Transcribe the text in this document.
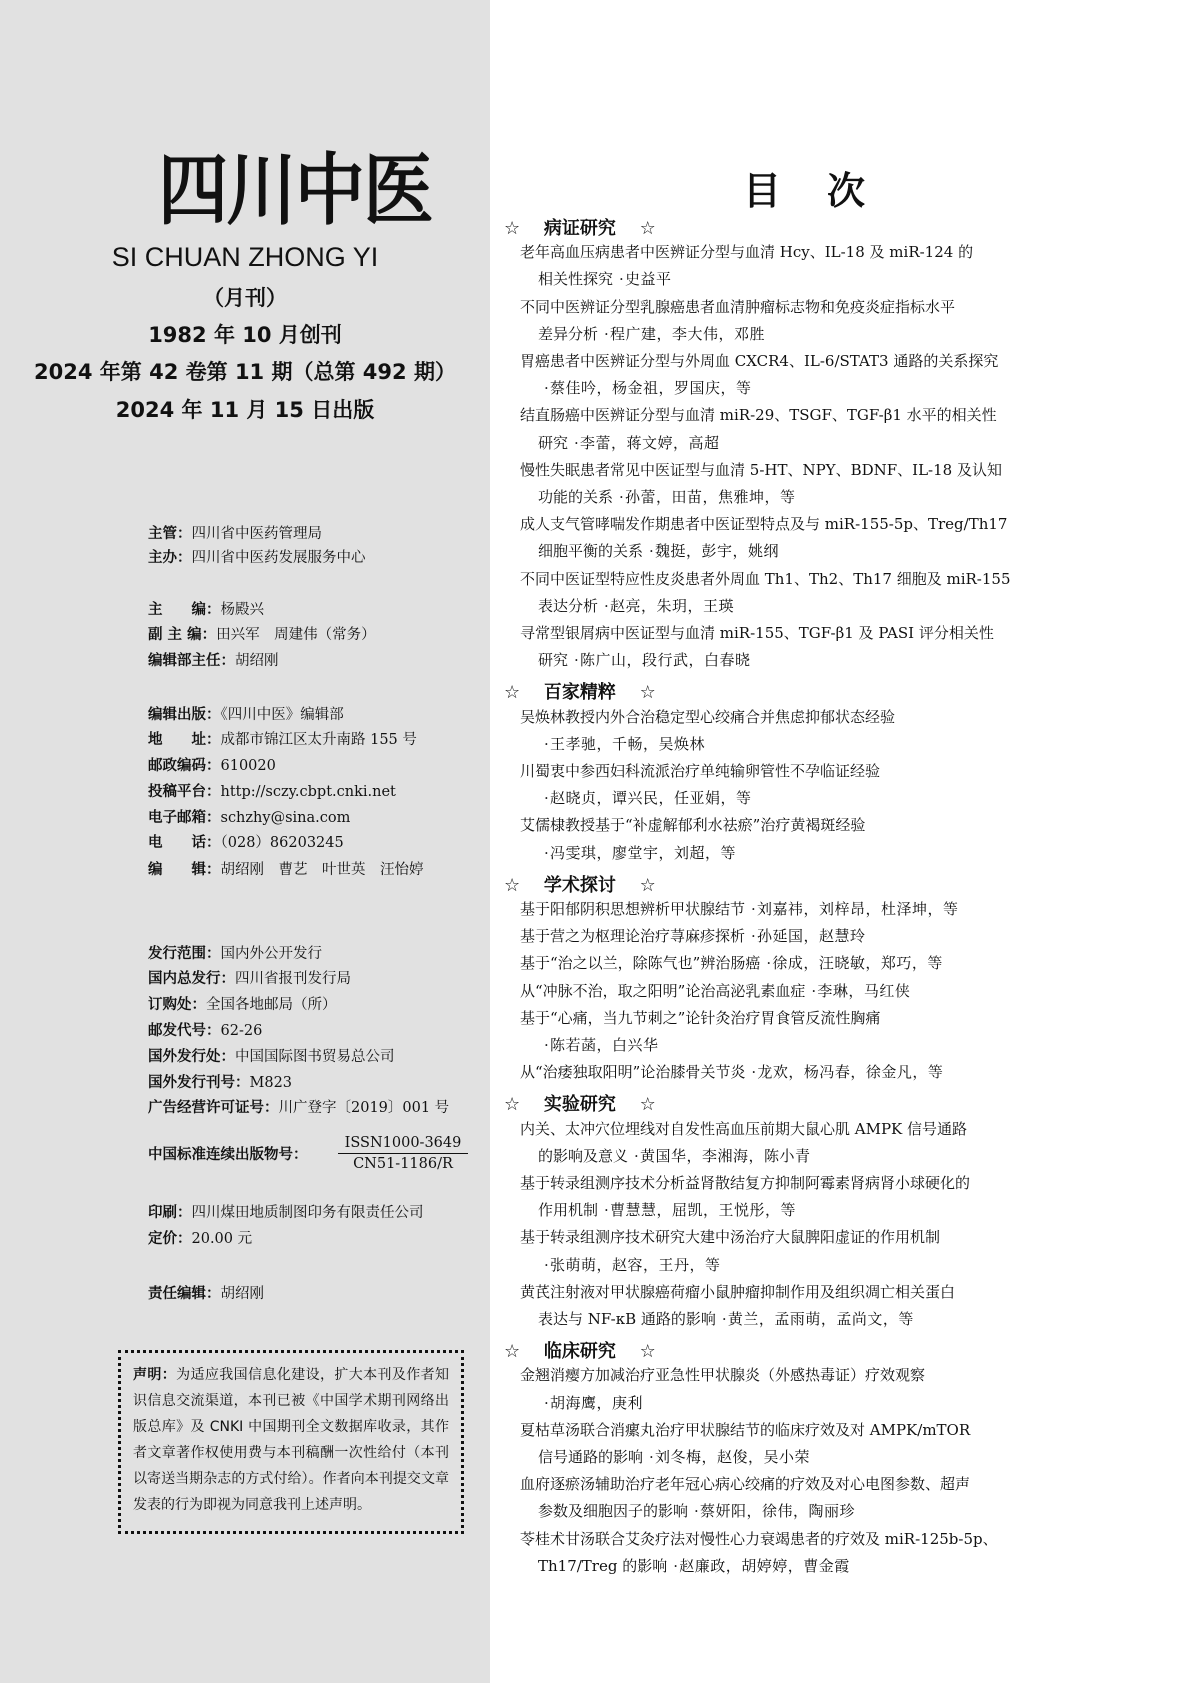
四川中医
SI CHUAN ZHONG YI
（月刊）
1982 年 10 月创刊
2024 年第 42 卷第 11 期（总第 492 期）
2024 年 11 月 15 日出版
主管：四川省中医药管理局
主办：四川省中医药发展服务中心
主　　编：杨殿兴
副 主 编：田兴军　周建伟（常务）
编辑部主任：胡绍刚
编辑出版：《四川中医》编辑部
地　　址：成都市锦江区太升南路 155 号
邮政编码：610020
投稿平台：http://sczy.cbpt.cnki.net
电子邮箱：schzhy@sina.com
电　　话：（028）86203245
编　　辑：胡绍刚　曹艺　叶世英　汪怡婷
发行范围：国内外公开发行
国内总发行：四川省报刊发行局
订购处：全国各地邮局（所）
邮发代号：62-26
国外发行处：中国国际图书贸易总公司
国外发行刊号：M823
广告经营许可证号：川广登字〔2019〕001 号
印刷：四川煤田地质制图印务有限责任公司
定价：20.00 元
责任编辑：胡绍刚
中国标准连续出版物号：
ISSN1000-3649
CN51-1186/R
声明：为适应我国信息化建设，扩大本刊及作者知识信息交流渠道，本刊已被《中国学术期刊网络出版总库》及 CNKI 中国期刊全文数据库收录，其作者文章著作权使用费与本刊稿酬一次性给付（本刊以寄送当期杂志的方式付给）。作者向本刊提交文章发表的行为即视为同意我刊上述声明。
目次
☆ 　病证研究　 ☆
老年高血压病患者中医辨证分型与血清 Hcy、IL-18 及 miR-124 的
相关性探究 ····· 史益平
不同中医辨证分型乳腺癌患者血清肿瘤标志物和免疫炎症指标水平
差异分析 ····· 程广建，李大伟，邓胜
胃癌患者中医辨证分型与外周血 CXCR4、IL-6/STAT3 通路的关系探究
·····
蔡佳吟，杨金祖，罗国庆，等
结直肠癌中医辨证分型与血清 miR-29、TSGF、TGF-β1 水平的相关性
研究 ····· 李蕾，蒋文婷，高超
慢性失眠患者常见中医证型与血清 5-HT、NPY、BDNF、IL-18 及认知
功能的关系 ····· 孙蕾，田苗，焦雅坤，等
成人支气管哮喘发作期患者中医证型特点及与 miR-155-5p、Treg/Th17
细胞平衡的关系 ····· 魏挺，彭宇，姚纲
不同中医证型特应性皮炎患者外周血 Th1、Th2、Th17 细胞及 miR-155
表达分析 ····· 赵亮，朱玥，王瑛
寻常型银屑病中医证型与血清 miR-155、TGF-β1 及 PASI 评分相关性
研究 ····· 陈广山，段行武，白春晓
☆ 　百家精粹　 ☆
吴焕林教授内外合治稳定型心绞痛合并焦虑抑郁状态经验
·····
王孝驰，千畅，吴焕林
川蜀衷中参西妇科流派治疗单纯输卵管性不孕临证经验
·····
赵晓贞，谭兴民，任亚娟，等
艾儒棣教授基于“补虚解郁利水祛瘀”治疗黄褐斑经验
·····
冯雯琪，廖堂宇，刘超，等
☆ 　学术探讨　 ☆
基于阳郁阴积思想辨析甲状腺结节 ····· 刘嘉祎，刘梓昂，杜泽坤，等
基于营之为枢理论治疗荨麻疹探析 ····· 孙延国，赵慧玲
基于“治之以兰，除陈气也”辨治肠癌 ····· 徐成，汪晓敏，郑巧，等
从“冲脉不治，取之阳明”论治高泌乳素血症 ····· 李琳，马红侠
基于“心痛，当九节刺之”论针灸治疗胃食管反流性胸痛
·····
陈若菡，白兴华
从“治痿独取阳明”论治膝骨关节炎 ····· 龙欢，杨冯春，徐金凡，等
☆ 　实验研究　 ☆
内关、太冲穴位埋线对自发性高血压前期大鼠心肌 AMPK 信号通路
的影响及意义 ····· 黄国华，李湘海，陈小青
基于转录组测序技术分析益肾散结复方抑制阿霉素肾病肾小球硬化的
作用机制 ····· 曹慧慧，屈凯，王悦彤，等
基于转录组测序技术研究大建中汤治疗大鼠脾阳虚证的作用机制
·····
张萌萌，赵容，王丹，等
黄芪注射液对甲状腺癌荷瘤小鼠肿瘤抑制作用及组织凋亡相关蛋白
表达与 NF-κB 通路的影响 ····· 黄兰，孟雨萌，孟尚文，等
☆ 　临床研究　 ☆
金翘消瘿方加减治疗亚急性甲状腺炎（外感热毒证）疗效观察
·····
胡海鹰，庚利
夏枯草汤联合消瘰丸治疗甲状腺结节的临床疗效及对 AMPK/mTOR
信号通路的影响 ····· 刘冬梅，赵俊，吴小荣
血府逐瘀汤辅助治疗老年冠心病心绞痛的疗效及对心电图参数、超声
参数及细胞因子的影响 ····· 蔡妍阳，徐伟，陶丽珍
苓桂术甘汤联合艾灸疗法对慢性心力衰竭患者的疗效及 miR-125b-5p、
Th17/Treg 的影响 ····· 赵廉政，胡婷婷，曹金霞
